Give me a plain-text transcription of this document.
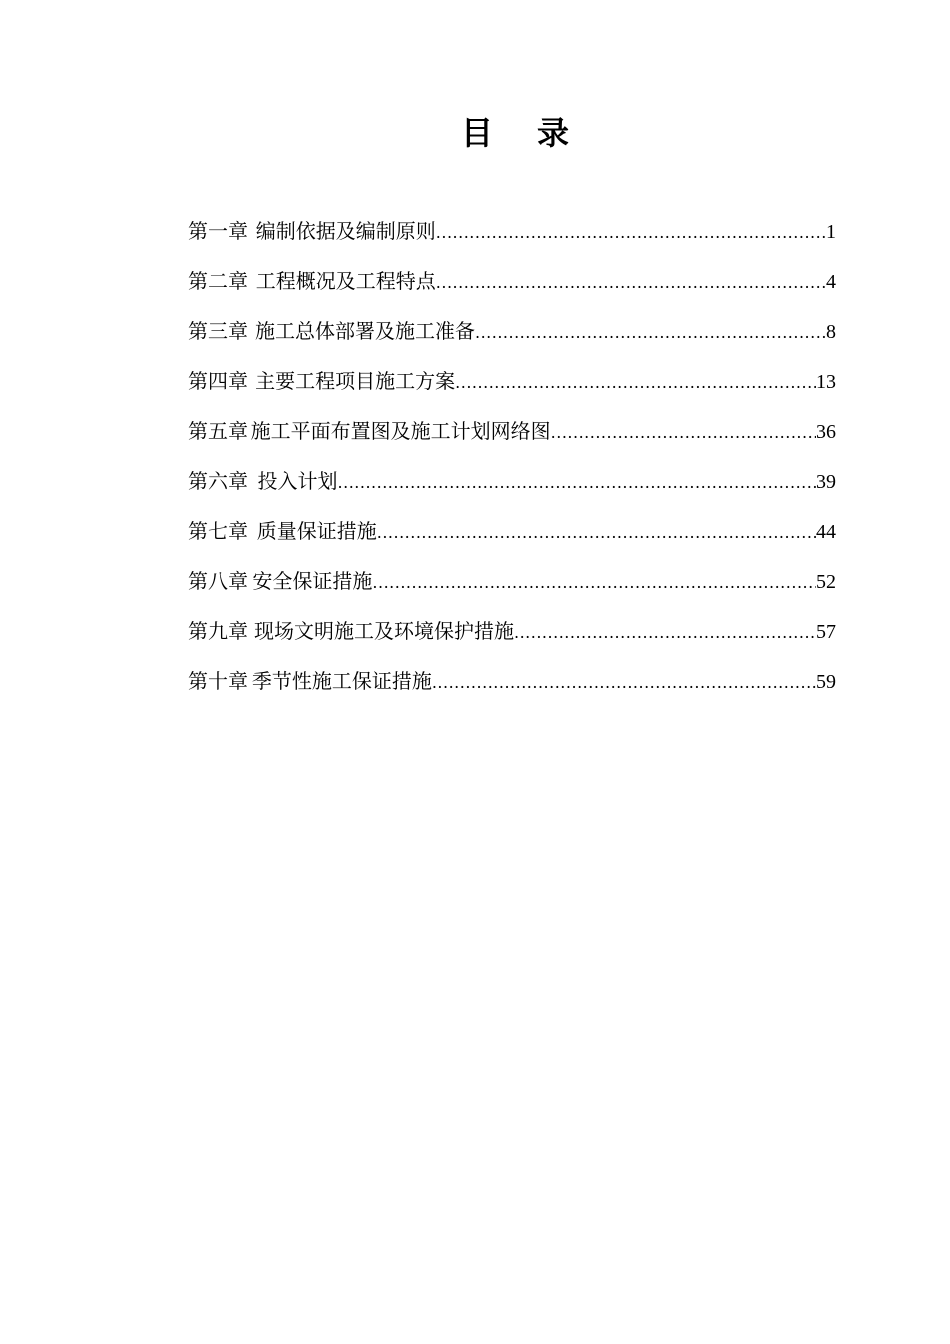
目 录
第一章 编制依据及编制原则 .....	1
第二章 工程概况及工程特点 .....	4
第三章 施工总体部署及施工准备 .....	8
第四章 主要工程项目施工方案 .....	13
第五章 施工平面布置图及施工计划网络图 .....	36
第六章 投入计划 .....	39
第七章 质量保证措施 .....	44
第八章 安全保证措施 .....	52
第九章 现场文明施工及环境保护措施 .....	57
第十章 季节性施工保证措施 .....	59
